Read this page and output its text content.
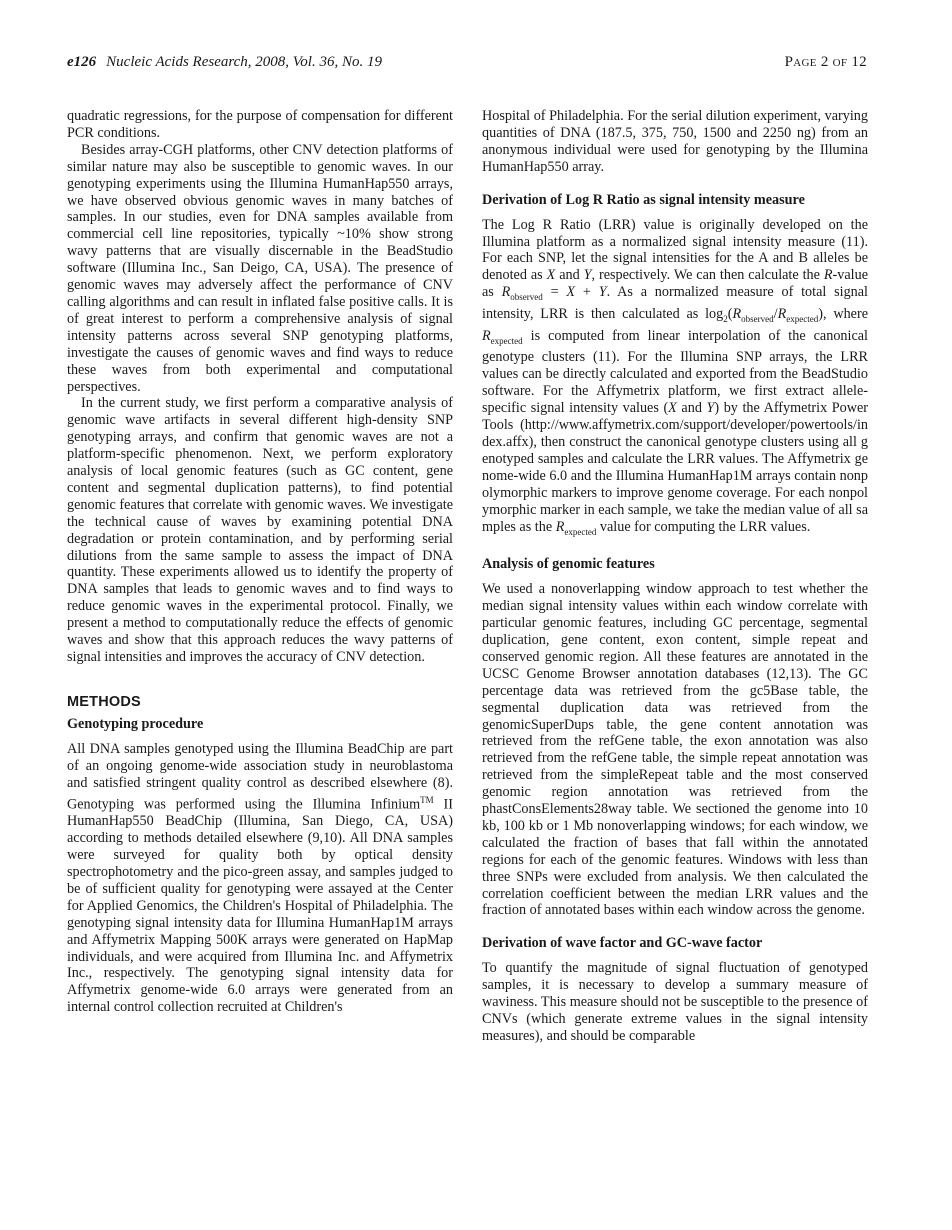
e126 Nucleic Acids Research, 2008, Vol. 36, No. 19	Page 2 of 12

quadratic regressions, for the purpose of compensation for different PCR conditions.

Besides array-CGH platforms, other CNV detection platforms of similar nature may also be susceptible to genomic waves. In our genotyping experiments using the Illumina HumanHap550 arrays, we have observed obvious genomic waves in many batches of samples. In our studies, even for DNA samples available from commercial cell line repositories, typically ~10% show strong wavy patterns that are visually discernable in the BeadStudio software (Illumina Inc., San Deigo, CA, USA). The presence of genomic waves may adversely affect the performance of CNV calling algorithms and can result in inflated false positive calls. It is of great interest to perform a comprehensive analysis of signal intensity patterns across several SNP genotyping platforms, investigate the causes of genomic waves and find ways to reduce these waves from both experimental and computational perspectives.

In the current study, we first perform a comparative analysis of genomic wave artifacts in several different high-density SNP genotyping arrays, and confirm that genomic waves are not a platform-specific phenomenon. Next, we perform exploratory analysis of local genomic features (such as GC content, gene content and segmental duplication patterns), to find potential genomic features that correlate with genomic waves. We investigate the technical cause of waves by examining potential DNA degradation or protein contamination, and by performing serial dilutions from the same sample to assess the impact of DNA quantity. These experiments allowed us to identify the property of DNA samples that leads to genomic waves and to find ways to reduce genomic waves in the experimental protocol. Finally, we present a method to computationally reduce the effects of genomic waves and show that this approach reduces the wavy patterns of signal intensities and improves the accuracy of CNV detection.

METHODS
Genotyping procedure

All DNA samples genotyped using the Illumina BeadChip are part of an ongoing genome-wide association study in neuroblastoma and satisfied stringent quality control as described elsewhere (8). Genotyping was performed using the Illumina Infinium™ II HumanHap550 BeadChip (Illumina, San Diego, CA, USA) according to methods detailed elsewhere (9,10). All DNA samples were surveyed for quality both by optical density spectrophotometry and the pico-green assay, and samples judged to be of sufficient quality for genotyping were assayed at the Center for Applied Genomics, the Children's Hospital of Philadelphia. The genotyping signal intensity data for Illumina HumanHap1M arrays and Affymetrix Mapping 500K arrays were generated on HapMap individuals, and were acquired from Illumina Inc. and Affymetrix Inc., respectively. The genotyping signal intensity data for Affymetrix genome-wide 6.0 arrays were generated from an internal control collection recruited at Children's

Hospital of Philadelphia. For the serial dilution experiment, varying quantities of DNA (187.5, 375, 750, 1500 and 2250 ng) from an anonymous individual were used for genotyping by the Illumina HumanHap550 array.

Derivation of Log R Ratio as signal intensity measure

The Log R Ratio (LRR) value is originally developed on the Illumina platform as a normalized signal intensity measure (11). For each SNP, let the signal intensities for the A and B alleles be denoted as X and Y, respectively. We can then calculate the R-value as $R_{observed} = X + Y$. As a normalized measure of total signal intensity, LRR is then calculated as $\log_2(R_{observed}/R_{expected})$, where $R_{expected}$ is computed from linear interpolation of the canonical genotype clusters (11). For the Illumina SNP arrays, the LRR values can be directly calculated and exported from the BeadStudio software. For the Affymetrix platform, we first extract allele-specific signal intensity values (X and Y) by the Affymetrix Power Tools (http://www.affymetrix.com/support/developer/powertools/index.affx), then construct the canonical genotype clusters using all genotyped samples and calculate the LRR values. The Affymetrix genome-wide 6.0 and the Illumina HumanHap1M arrays contain nonpolymorphic markers to improve genome coverage. For each nonpolymorphic marker in each sample, we take the median value of all samples as the $R_{expected}$ value for computing the LRR values.

Analysis of genomic features

We used a nonoverlapping window approach to test whether the median signal intensity values within each window correlate with particular genomic features, including GC percentage, segmental duplication, gene content, exon content, simple repeat and conserved genomic region. All these features are annotated in the UCSC Genome Browser annotation databases (12,13). The GC percentage data was retrieved from the gc5Base table, the segmental duplication data was retrieved from the genomicSuperDups table, the gene content annotation was retrieved from the refGene table, the exon annotation was also retrieved from the refGene table, the simple repeat annotation was retrieved from the simpleRepeat table and the most conserved genomic region annotation was retrieved from the phastConsElements28way table. We sectioned the genome into 10 kb, 100 kb or 1 Mb nonoverlapping windows; for each window, we calculated the fraction of bases that fall within the annotated regions for each of the genomic features. Windows with less than three SNPs were excluded from analysis. We then calculated the correlation coefficient between the median LRR values and the fraction of annotated bases within each window across the genome.

Derivation of wave factor and GC-wave factor

To quantify the magnitude of signal fluctuation of genotyped samples, it is necessary to develop a summary measure of waviness. This measure should not be susceptible to the presence of CNVs (which generate extreme values in the signal intensity measures), and should be comparable
